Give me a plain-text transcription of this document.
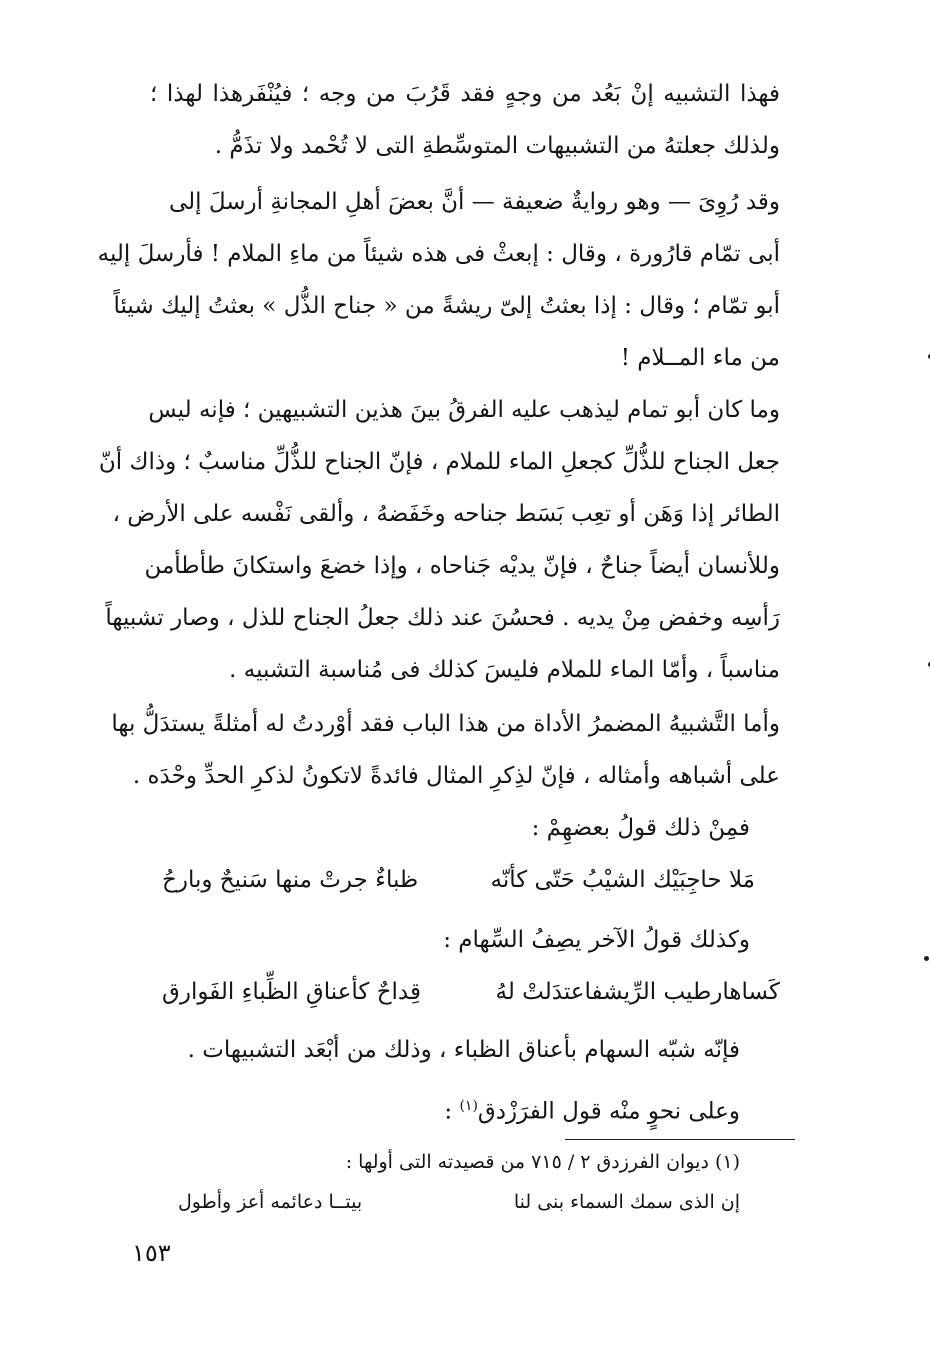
فهذا التشبيه إنْ بَعُد من وجهٍ فقد قَرُبَ من وجه ؛ فيُنْفَرهذا لهذا ؛
ولذلك جعلتهُ من التشبيهات المتوسِّطةِ التى لا تُحْمد ولا تذَمُّ .
وقد رُوِىَ — وهو روايةٌ ضعيفة — أنَّ بعضَ أهلِ المجانةِ أرسلَ إلى
أبى تمّام قارُورة ، وقال : إبعثْ فى هذه شيئاً من ماءِ الملام ! فأرسلَ إليه
أبو تمّام ؛ وقال : إذا بعثتُ إلىّ ريشةً من « جناح الذُّل » بعثتُ إليك شيئاً
من ماء المــلام !
وما كان أبو تمام ليذهب عليه الفرقُ بينَ هذين التشبيهين ؛ فإنه ليس
جعل الجناح للذُّلِّ كجعلِ الماء للملام ، فإنّ الجناح للذُّلِّ مناسبٌ ؛ وذاك أنّ
الطائر إذا وَهَن أو تعِب بَسَط جناحه وخَفَضهُ ، وألقى نَفْسه على الأرض ،
وللأنسان أيضاً جناحٌ ، فإنّ يديْه جَناحاه ، وإذا خضعَ واستكانَ طأطأمن
رَأسِه وخفض مِنْ يديه . فحسُنَ عند ذلك جعلُ الجناح للذل ، وصار تشبيهاً
مناسباً ، وأمّا الماء للملام فليسَ كذلك فى مُناسبة التشبيه .
وأما التَّشبيهُ المضمرُ الأداة من هذا الباب فقد أوْردتُ له أمثلةً يستدَلُّ بها
على أشباهه وأمثاله ، فإنّ لذِكرِ المثال فائدةً لاتكونُ لذكرِ الحدِّ وحْدَه .
فمِنْ ذلك قولُ بعضهِمْ :
مَلا حاجِبَيْك الشيْبُ حَتّى كأنّه
ظباءٌ جرتْ منها سَنيحٌ وبارحُ
وكذلك قولُ الآخر يصِفُ السِّهام :
كَساهارطيب الرِّيشفاعتدَلتْ لهُ
قِداحٌ كأعناقِ الظِّباءِ الفَوارق
فإنّه شبّه السهام بأعناق الظباء ، وذلك من أبْعَد التشبيهات .
وعلى نحوٍ منْه قول الفرَزْدق$^{(١)}$ :
(١) ديوان الفرزدق ٢ / ٧١٥ من قصيدته التى أولها :
إن الذى سمك السماء بنى لنا
بيتــا دعائمه أعز وأطول
١٥٣
